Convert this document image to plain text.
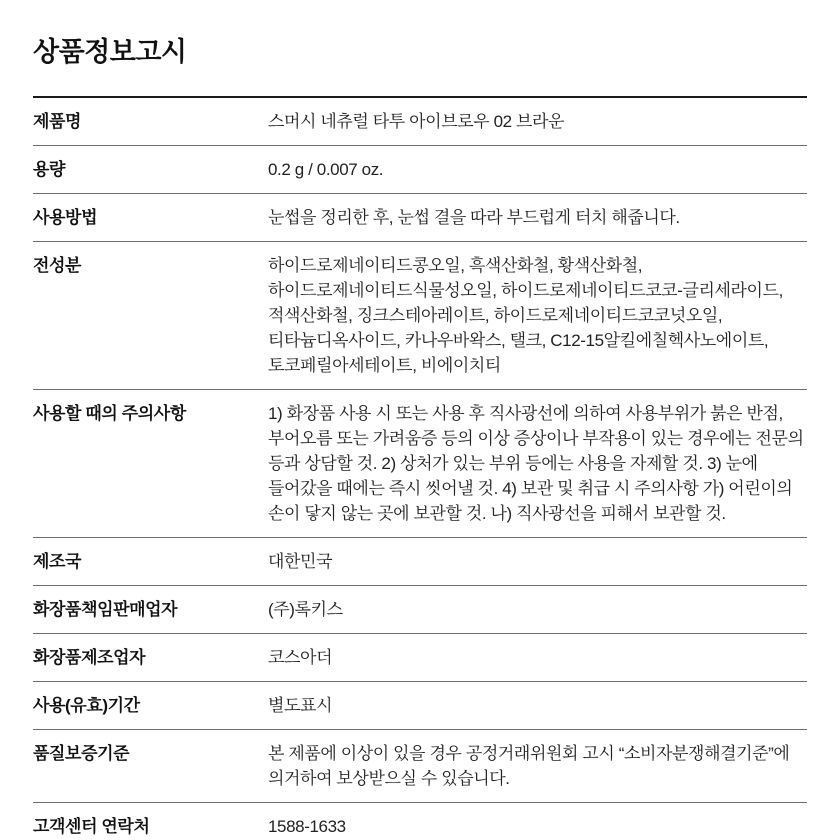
상품정보고시
제품명	스머시 네츄럴 타투 아이브로우 02 브라운
용량	0.2 g / 0.007 oz.
사용방법	눈썹을 정리한 후, 눈썹 결을 따라 부드럽게 터치 해줍니다.
전성분	하이드로제네이티드콩오일, 흑색산화철, 황색산화철, 하이드로제네이티드식물성오일, 하이드로제네이티드코코-글리세라이드, 적색산화철, 징크스테아레이트, 하이드로제네이티드코코넛오일, 티타늄디옥사이드, 카나우바왁스, 탤크, C12-15알킬에칠헥사노에이트, 토코페릴아세테이트, 비에이치티
사용할 때의 주의사항	1) 화장품 사용 시 또는 사용 후 직사광선에 의하여 사용부위가 붉은 반점, 부어오름 또는 가려움증 등의 이상 증상이나 부작용이 있는 경우에는 전문의 등과 상담할 것. 2) 상처가 있는 부위 등에는 사용을 자제할 것. 3) 눈에 들어갔을 때에는 즉시 씻어낼 것. 4) 보관 및 취급 시 주의사항 가) 어린이의 손이 닿지 않는 곳에 보관할 것. 나) 직사광선을 피해서 보관할 것.
제조국	대한민국
화장품책임판매업자	(주)록키스
화장품제조업자	코스아더
사용(유효)기간	별도표시
품질보증기준	본 제품에 이상이 있을 경우 공정거래위원회 고시 “소비자분쟁해결기준”에 의거하여 보상받으실 수 있습니다.
고객센터 연락처	1588-1633
